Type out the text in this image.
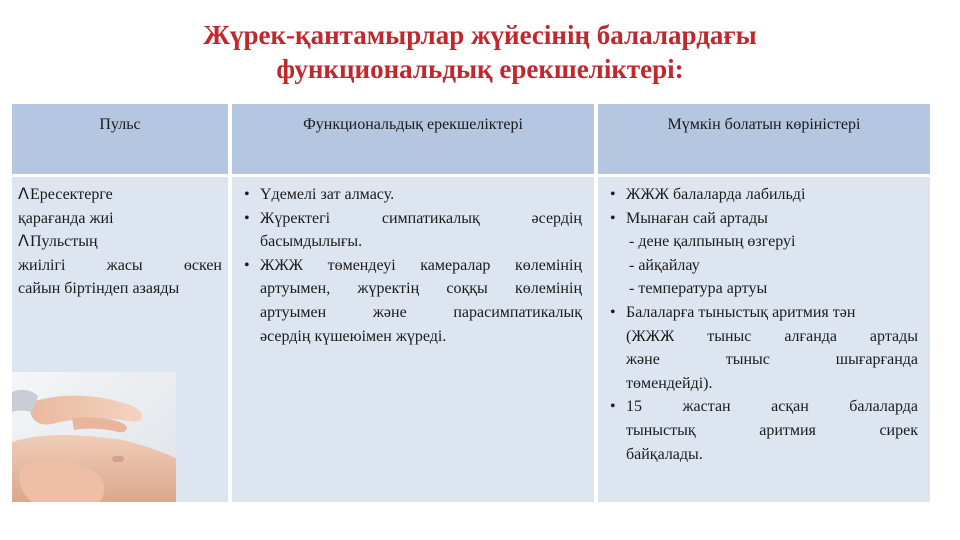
Жүрек-қантамырлар жүйесінің балалардағы
функциональдық ерекшеліктері:
Пульс	Функциональдық ерекшеліктері	Мүмкін болатын көріністері
ᐱЕресектерге
қарағанда жиі
ᐱПульстың
жиілігі жасы өскен
сайын біртіндеп азаяды
• Үдемелі зат алмасу.
• Жүректегі симпатикалық әсердің
басымдылығы.
• ЖЖЖ төмендеуі камералар көлемінің
артуымен, жүректің соққы көлемінің
артуымен және парасимпатикалық
әсердің күшеюімен жүреді.
• ЖЖЖ балаларда лабильді
• Мынаған сай артады
- дене қалпының өзгеруі
- айқайлау
- температура артуы
• Балаларға тыныстық аритмия тән
(ЖЖЖ тыныс алғанда артады
және тыныс шығарғанда
төмендейді).
• 15 жастан асқан балаларда
тыныстық аритмия сирек
байқалады.
